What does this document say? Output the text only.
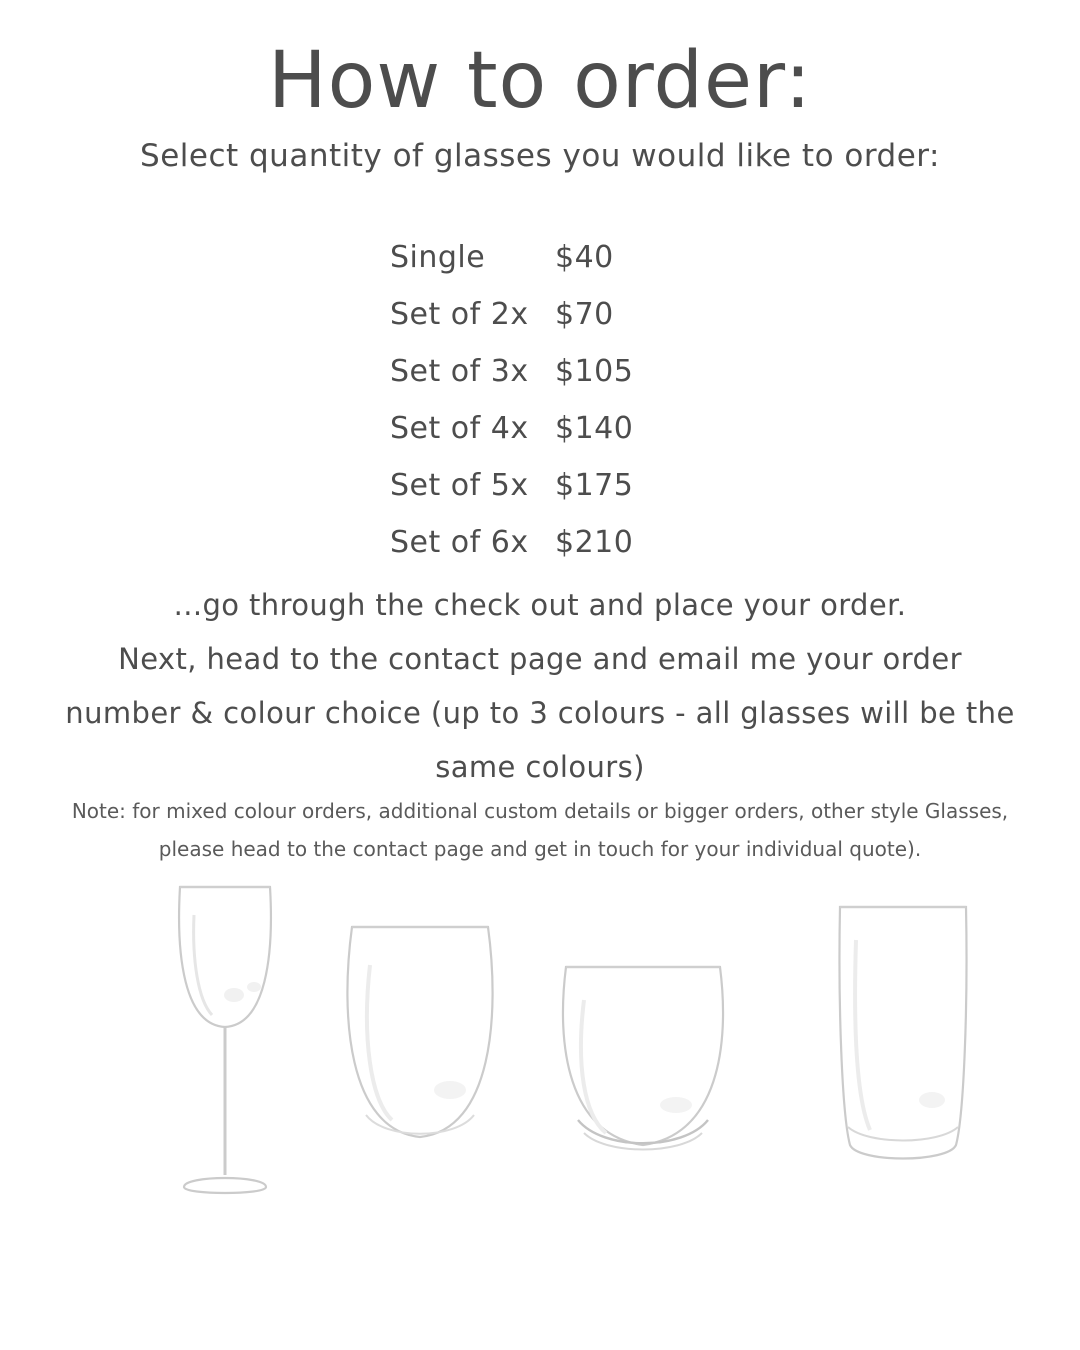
How to order:
Select quantity of glasses you would like to order:
Single	$40
Set of 2x $70
Set of 3x $105
Set of 4x $140
Set of 5x $175
Set of 6x $210
...go through the check out and place your order.
Next, head to the contact page and email me your order
number & colour choice (up to 3 colours - all glasses will be the
same colours)
Note: for mixed colour orders, additional custom details or bigger orders, other style Glasses,
please head to the contact page and get in touch for your individual quote).
